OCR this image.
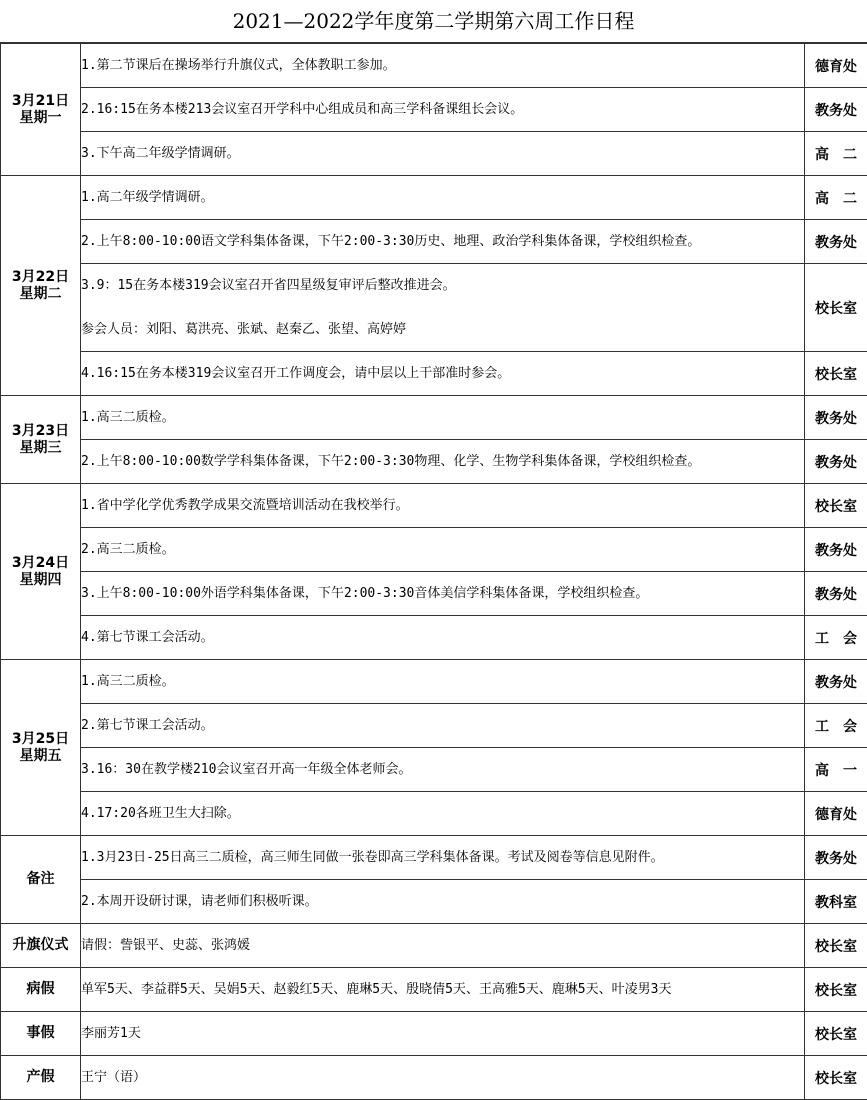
2021—2022学年度第二学期第六周工作日程
3月21日
星期一	1.第二节课后在操场举行升旗仪式，全体教职工参加。	德育处
	2.16:15在务本楼213会议室召开学科中心组成员和高三学科备课组长会议。	教务处
	3.下午高二年级学情调研。	高　二

3月22日
星期二	1.高二年级学情调研。	高　二
	2.上午8:00-10:00语文学科集体备课，下午2:00-3:30历史、地理、政治学科集体备课，学校组织检查。	教务处
	3.9：15在务本楼319会议室召开省四星级复审评后整改推进会。	校长室
	参会人员：刘阳、葛洪亮、张斌、赵秦乙、张望、高婷婷	
	4.16:15在务本楼319会议室召开工作调度会，请中层以上干部准时参会。	校长室

3月23日
星期三	1.高三二质检。	教务处
	2.上午8:00-10:00数学学科集体备课，下午2:00-3:30物理、化学、生物学科集体备课，学校组织检查。	教务处

3月24日
星期四	1.省中学化学优秀教学成果交流暨培训活动在我校举行。	校长室
	2.高三二质检。	教务处
	3.上午8:00-10:00外语学科集体备课，下午2:00-3:30音体美信学科集体备课，学校组织检查。	教务处
	4.第七节课工会活动。	工　会

3月25日
星期五	1.高三二质检。	教务处
	2.第七节课工会活动。	工　会
	3.16：30在教学楼210会议室召开高一年级全体老师会。	高　一
	4.17:20各班卫生大扫除。	德育处
备注	1.3月23日-25日高三二质检，高三师生同做一张卷即高三学科集体备课。考试及阅卷等信息见附件。	教务处
	2.本周开设研讨课，请老师们积极听课。	教科室
升旗仪式	请假：訾银平、史蕊、张鸿媛	校长室
病假	单军5天、李益群5天、吴娟5天、赵毅红5天、鹿琳5天、殷晓倩5天、王高雅5天、鹿琳5天、叶凌男3天	校长室
事假	李丽芳1天	校长室
产假	王宁（语）	校长室
